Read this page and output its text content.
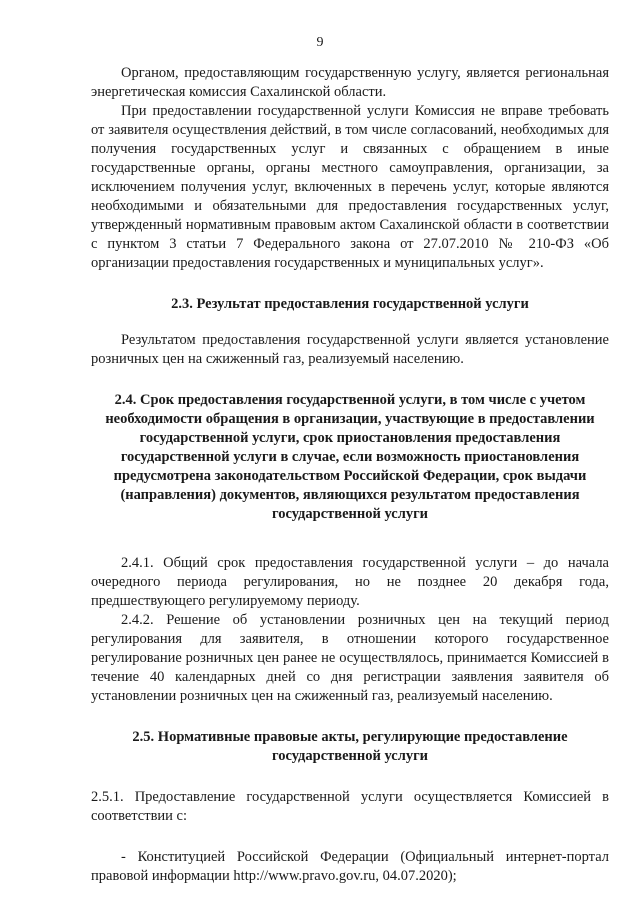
9

Органом, предоставляющим государственную услугу, является региональная энергетическая комиссия Сахалинской области.

При предоставлении государственной услуги Комиссия не вправе требовать от заявителя осуществления действий, в том числе согласований, необходимых для получения государственных услуг и связанных с обращением в иные государственные органы, органы местного самоуправления, организации, за исключением получения услуг, включенных в перечень услуг, которые являются необходимыми и обязательными для предоставления государственных услуг, утвержденный нормативным правовым актом Сахалинской области в соответствии с пунктом 3 статьи 7 Федерального закона от 27.07.2010 № 210-ФЗ «Об организации предоставления государственных и муниципальных услуг».

2.3. Результат предоставления государственной услуги

Результатом предоставления государственной услуги является установление розничных цен на сжиженный газ, реализуемый населению.

2.4. Срок предоставления государственной услуги, в том числе с учетом необходимости обращения в организации, участвующие в предоставлении государственной услуги, срок приостановления предоставления государственной услуги в случае, если возможность приостановления предусмотрена законодательством Российской Федерации, срок выдачи (направления) документов, являющихся результатом предоставления государственной услуги

2.4.1. Общий срок предоставления государственной услуги – до начала очередного периода регулирования, но не позднее 20 декабря года, предшествующего регулируемому периоду.

2.4.2. Решение об установлении розничных цен на текущий период регулирования для заявителя, в отношении которого государственное регулирование розничных цен ранее не осуществлялось, принимается Комиссией в течение 40 календарных дней со дня регистрации заявления заявителя об установлении розничных цен на сжиженный газ, реализуемый населению.

2.5. Нормативные правовые акты, регулирующие предоставление государственной услуги

2.5.1. Предоставление государственной услуги осуществляется Комиссией в соответствии с:

- Конституцией Российской Федерации (Официальный интернет-портал правовой информации http://www.pravo.gov.ru, 04.07.2020);
